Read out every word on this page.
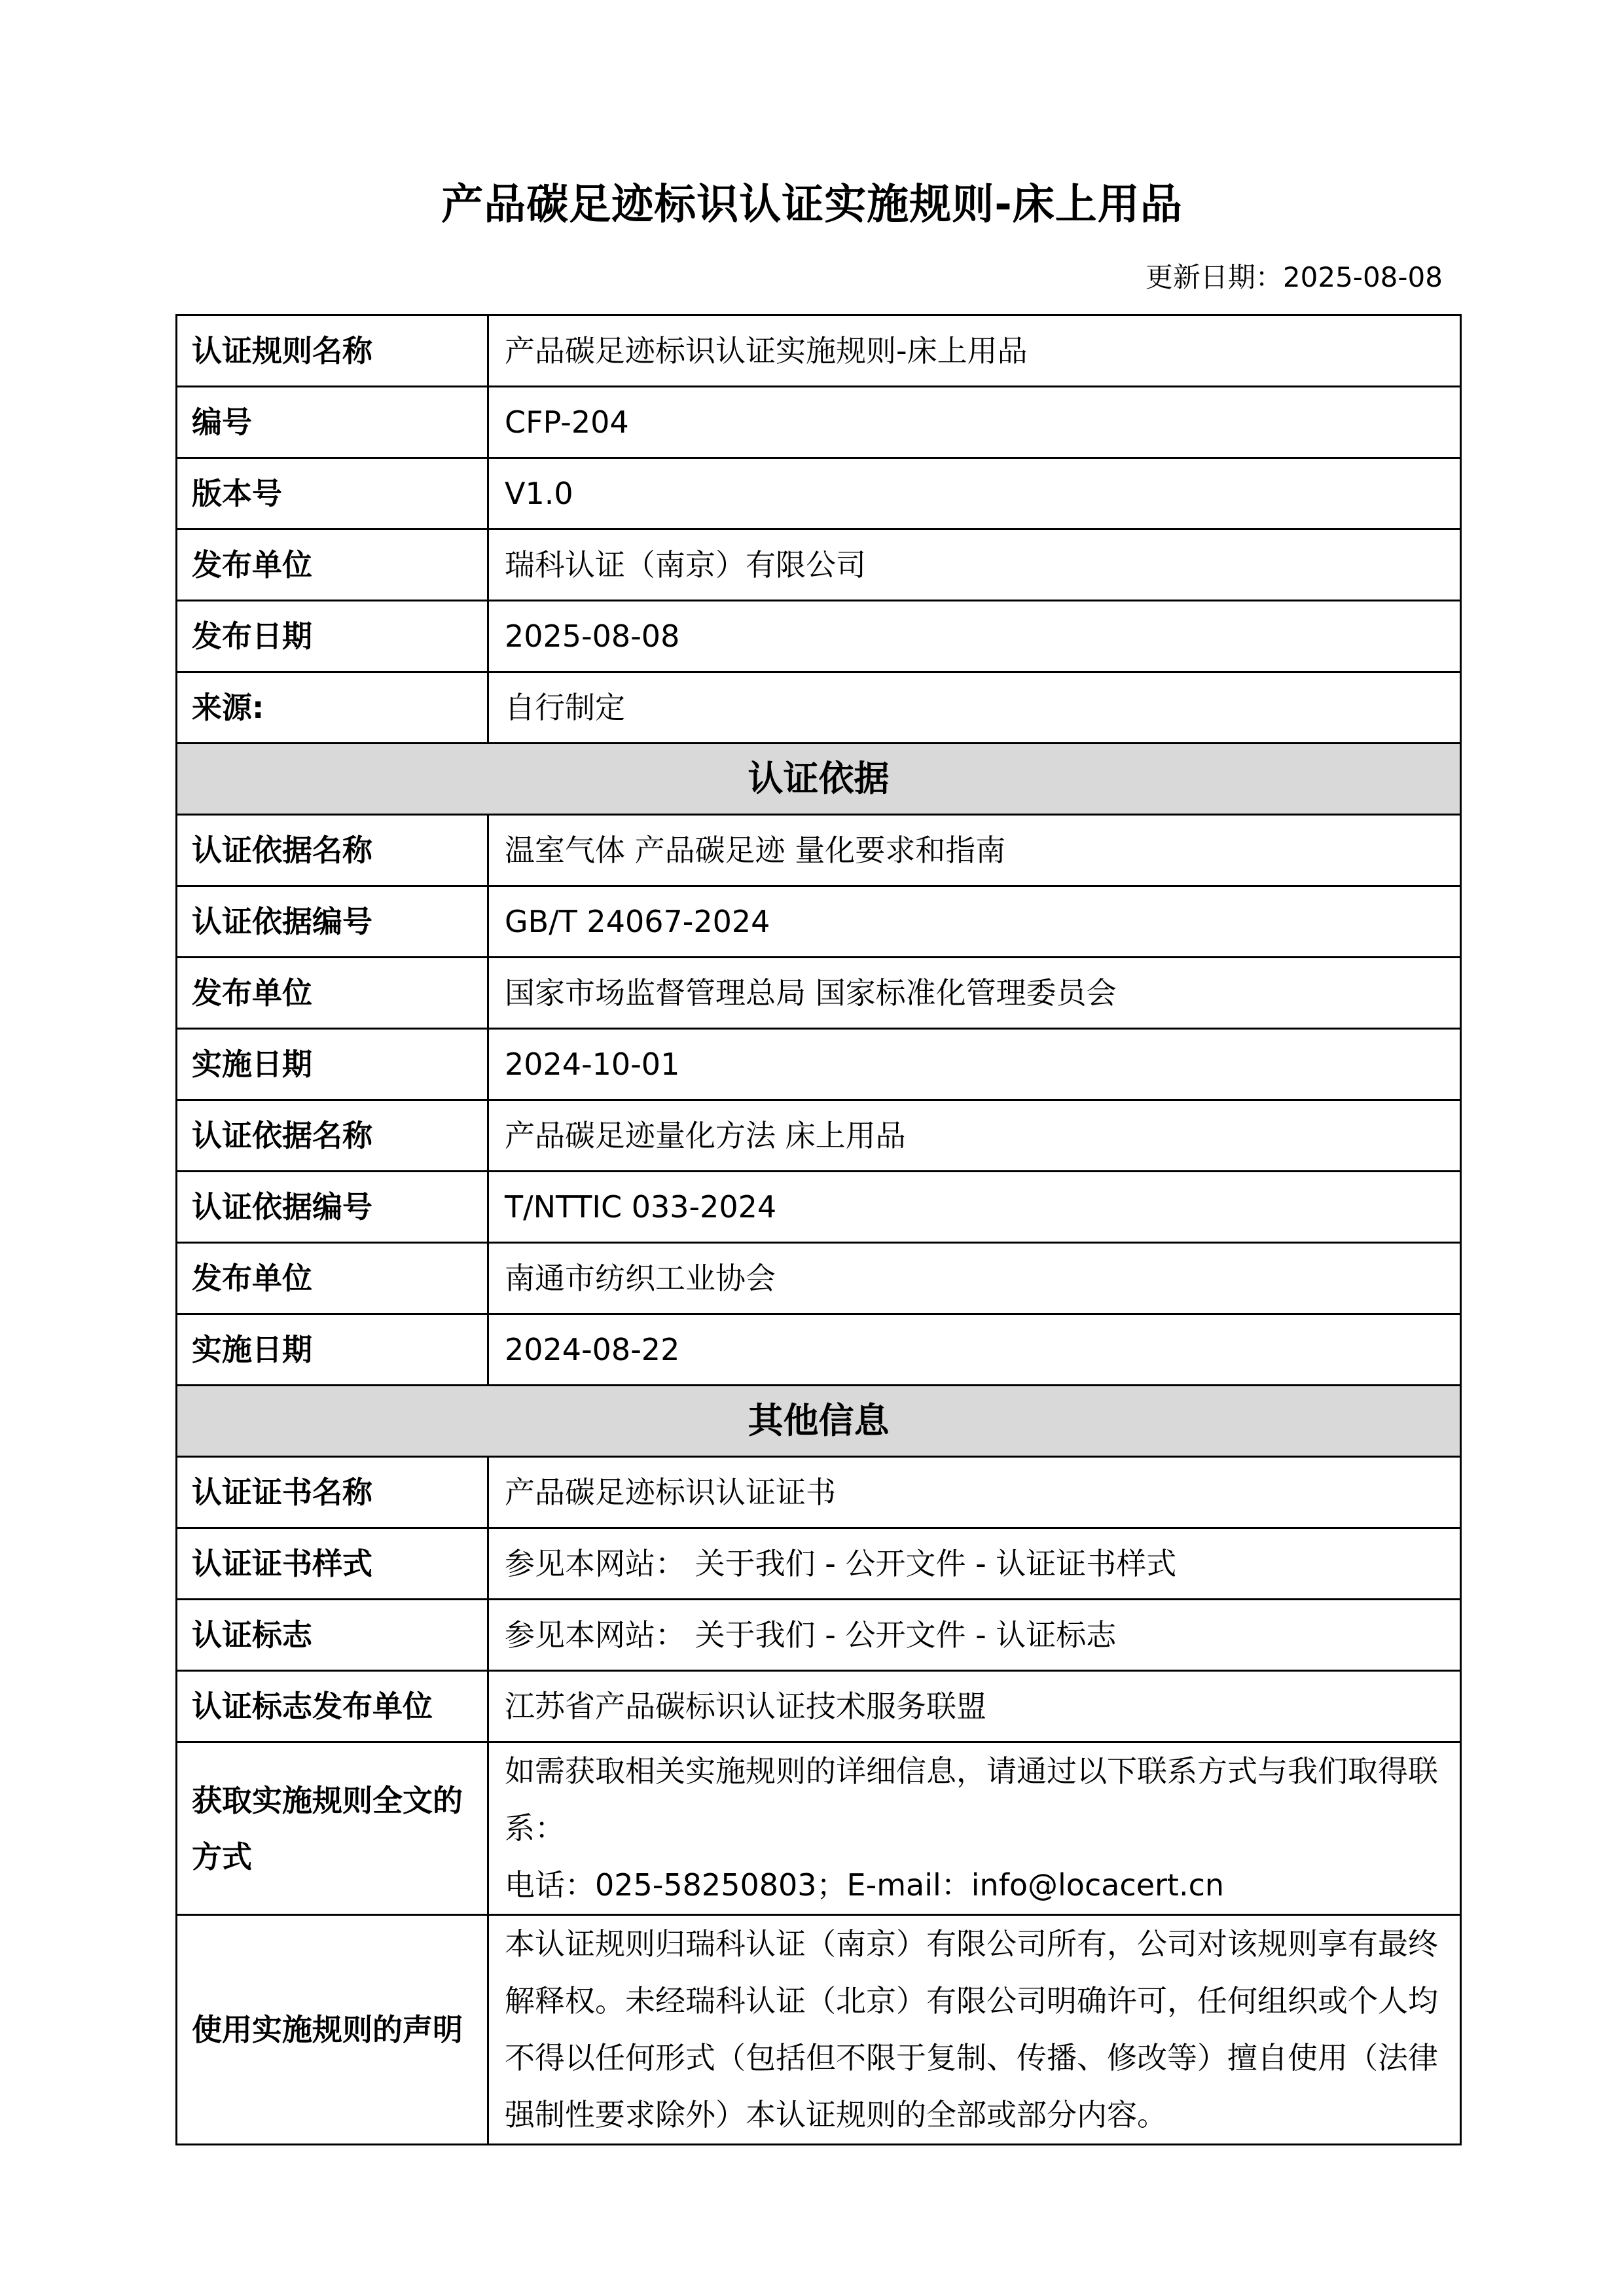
产品碳足迹标识认证实施规则-床上用品
更新日期：2025-08-08
认证规则名称	产品碳足迹标识认证实施规则-床上用品
编号	CFP-204
版本号	V1.0
发布单位	瑞科认证（南京）有限公司
发布日期	2025-08-08
来源:	自行制定
认证依据	
认证依据名称	温室气体 产品碳足迹 量化要求和指南
认证依据编号	GB/T 24067-2024
发布单位	国家市场监督管理总局 国家标准化管理委员会
实施日期	2024-10-01
认证依据名称	产品碳足迹量化方法 床上用品
认证依据编号	T/NTTIC 033-2024
发布单位	南通市纺织工业协会
实施日期	2024-08-22
其他信息	
认证证书名称	产品碳足迹标识认证证书
认证证书样式	参见本网站： 关于我们 - 公开文件 - 认证证书样式
认证标志	参见本网站： 关于我们 - 公开文件 - 认证标志
认证标志发布单位	江苏省产品碳标识认证技术服务联盟
获取实施规则全文的方式	如需获取相关实施规则的详细信息，请通过以下联系方式与我们取得联系：
电话：025-58250803；E-mail：info@locacert.cn

使用实施规则的声明	本认证规则归瑞科认证（南京）有限公司所有，公司对该规则享有最终解释权。未经瑞科认证（北京）有限公司明确许可，任何组织或个人均不得以任何形式（包括但不限于复制、传播、修改等）擅自使用（法律强制性要求除外）本认证规则的全部或部分内容。
